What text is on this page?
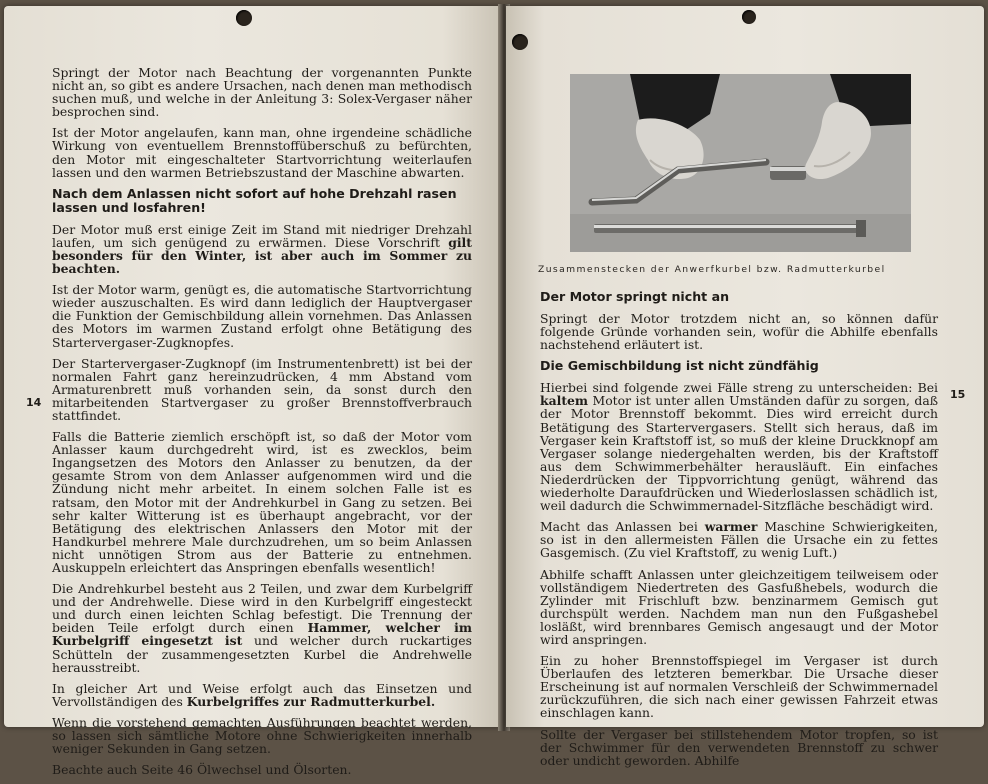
14

Springt der Motor nach Beachtung der vorgenannten Punkte nicht an, so gibt es andere Ursachen, nach denen man methodisch suchen muß, und welche in der Anleitung 3: Solex-Vergaser näher besprochen sind.

Ist der Motor angelaufen, kann man, ohne irgendeine schädliche Wirkung von eventuellem Brennstoffüberschuß zu befürchten, den Motor mit eingeschalteter Startvorrichtung weiterlaufen lassen und den warmen Betriebszustand der Maschine abwarten.

Nach dem Anlassen nicht sofort auf hohe Drehzahl rasen lassen und losfahren!

Der Motor muß erst einige Zeit im Stand mit niedriger Drehzahl laufen, um sich genügend zu erwärmen. Diese Vorschrift gilt besonders für den Winter, ist aber auch im Sommer zu beachten.

Ist der Motor warm, genügt es, die automatische Startvorrichtung wieder auszuschalten. Es wird dann lediglich der Hauptvergaser die Funktion der Gemischbildung allein vornehmen. Das Anlassen des Motors im warmen Zustand erfolgt ohne Betätigung des Startervergaser-Zugknopfes.

Der Startervergaser-Zugknopf (im Instrumentenbrett) ist bei der normalen Fahrt ganz hereinzudrücken, 4 mm Abstand vom Armaturenbrett muß vorhanden sein, da sonst durch den mitarbeitenden Startvergaser zu großer Brennstoffverbrauch stattfindet.

Falls die Batterie ziemlich erschöpft ist, so daß der Motor vom Anlasser kaum durchgedreht wird, ist es zwecklos, beim Ingangsetzen des Motors den Anlasser zu benutzen, da der gesamte Strom von dem Anlasser aufgenommen wird und die Zündung nicht mehr arbeitet. In einem solchen Falle ist es ratsam, den Motor mit der Andrehkurbel in Gang zu setzen. Bei sehr kalter Witterung ist es überhaupt angebracht, vor der Betätigung des elektrischen Anlassers den Motor mit der Handkurbel mehrere Male durchzudrehen, um so beim Anlassen nicht unnötigen Strom aus der Batterie zu entnehmen. Auskuppeln erleichtert das Anspringen ebenfalls wesentlich!

Die Andrehkurbel besteht aus 2 Teilen, und zwar dem Kurbelgriff und der Andrehwelle. Diese wird in den Kurbelgriff eingesteckt und durch einen leichten Schlag befestigt. Die Trennung der beiden Teile erfolgt durch einen Hammer, welcher im Kurbelgriff eingesetzt ist und welcher durch ruckartiges Schütteln der zusammengesetzten Kurbel die Andrehwelle herausstreibt.

In gleicher Art und Weise erfolgt auch das Einsetzen und Vervollständigen des Kurbelgriffes zur Radmutterkurbel.

Wenn die vorstehend gemachten Ausführungen beachtet werden, so lassen sich sämtliche Motore ohne Schwierigkeiten innerhalb weniger Sekunden in Gang setzen.

Beachte auch Seite 46 Ölwechsel und Ölsorten.

Zusammenstecken der Anwerfkurbel bzw. Radmutterkurbel
15
Der Motor springt nicht an

Springt der Motor trotzdem nicht an, so können dafür folgende Gründe vorhanden sein, wofür die Abhilfe ebenfalls nachstehend erläutert ist.

Die Gemischbildung ist nicht zündfähig

Hierbei sind folgende zwei Fälle streng zu unterscheiden: Bei kaltem Motor ist unter allen Umständen dafür zu sorgen, daß der Motor Brennstoff bekommt. Dies wird erreicht durch Betätigung des Startervergasers. Stellt sich heraus, daß im Vergaser kein Kraftstoff ist, so muß der kleine Druckknopf am Vergaser solange niedergehalten werden, bis der Kraftstoff aus dem Schwimmerbehälter herausläuft. Ein einfaches Niederdrücken der Tippvorrichtung genügt, während das wiederholte Daraufdrücken und Wiederloslassen schädlich ist, weil dadurch die Schwimmernadel-Sitzfläche beschädigt wird.

Macht das Anlassen bei warmer Maschine Schwierigkeiten, so ist in den allermeisten Fällen die Ursache ein zu fettes Gasgemisch. (Zu viel Kraftstoff, zu wenig Luft.)

Abhilfe schafft Anlassen unter gleichzeitigem teilweisem oder vollständigem Niedertreten des Gasfußhebels, wodurch die Zylinder mit Frischluft bzw. benzinarmem Gemisch gut durchspült werden. Nachdem man nun den Fußgashebel losläßt, wird brennbares Gemisch angesaugt und der Motor wird anspringen.

Ein zu hoher Brennstoffspiegel im Vergaser ist durch Überlaufen des letzteren bemerkbar. Die Ursache dieser Erscheinung ist auf normalen Verschleiß der Schwimmernadel zurückzuführen, die sich nach einer gewissen Fahrzeit etwas einschlagen kann.

Sollte der Vergaser bei stillstehendem Motor tropfen, so ist der Schwimmer für den verwendeten Brennstoff zu schwer oder undicht geworden. Abhilfe
